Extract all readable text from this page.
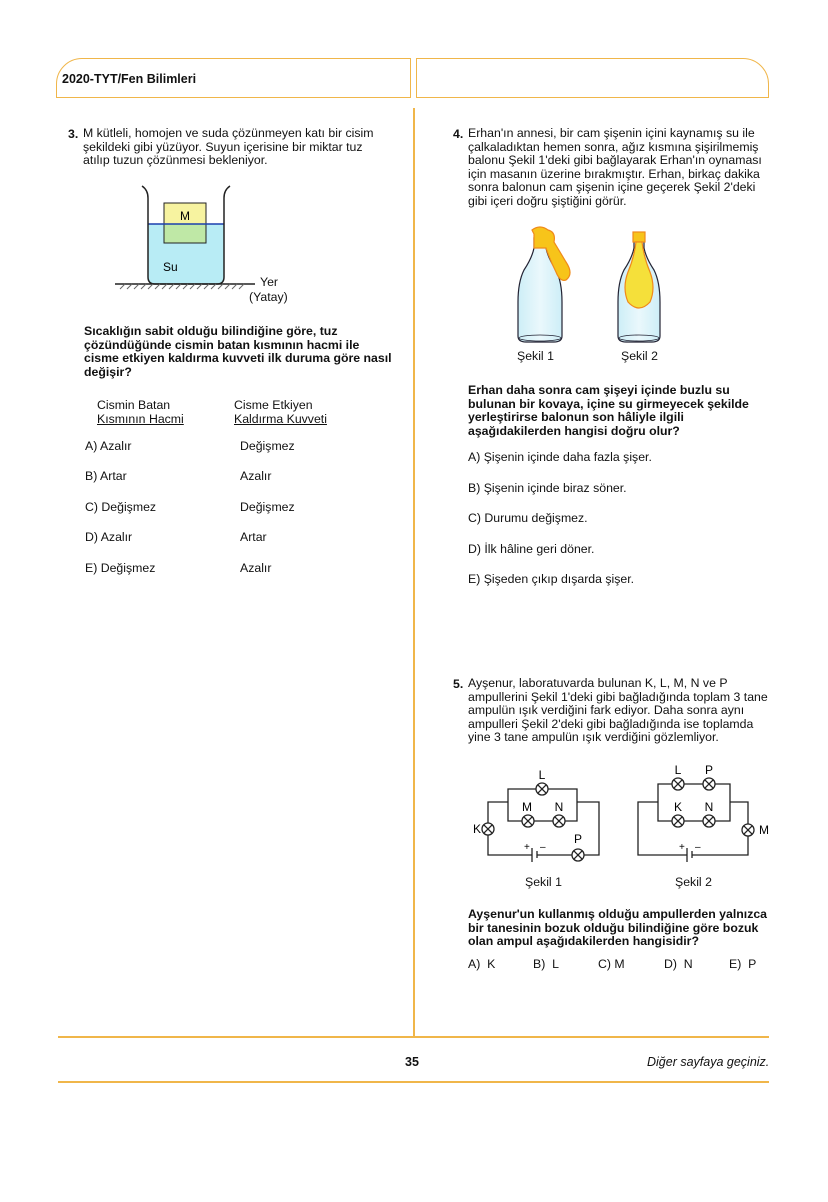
2020-TYT/Fen Bilimleri
3. M kütleli, homojen ve suda çözünmeyen katı bir cisim
şekildeki gibi yüzüyor. Suyun içerisine bir miktar tuz
atılıp tuzun çözünmesi bekleniyor.
M
Su
Yer
(Yatay)
Sıcaklığın sabit olduğu bilindiğine göre, tuz
çözündüğünde cismin batan kısmının hacmi ile
cisme etkiyen kaldırma kuvveti ilk duruma göre nasıl
değişir?
Cismin Batan
Kısmının Hacmi
Cisme Etkiyen
Kaldırma Kuvveti
A) Azalır	Değişmez
B) Artar	Azalır
C) Değişmez	Değişmez
D) Azalır	Artar
E) Değişmez	Azalır
4. Erhan'ın annesi, bir cam şişenin içini kaynamış su ile
çalkaladıktan hemen sonra, ağız kısmına şişirilmemiş
balonu Şekil 1'deki gibi bağlayarak Erhan'ın oynaması
için masanın üzerine bırakmıştır. Erhan, birkaç dakika
sonra balonun cam şişenin içine geçerek Şekil 2'deki
gibi içeri doğru şiştiğini görür.
Şekil 1	Şekil 2
Erhan daha sonra cam şişeyi içinde buzlu su
bulunan bir kovaya, içine su girmeyecek şekilde
yerleştirirse balonun son hâliyle ilgili
aşağıdakilerden hangisi doğru olur?
A) Şişenin içinde daha fazla şişer.
B) Şişenin içinde biraz söner.
C) Durumu değişmez.
D) İlk hâline geri döner.
E) Şişeden çıkıp dışarda şişer.
5. Ayşenur, laboratuvarda bulunan K, L, M, N ve P
ampullerini Şekil 1'deki gibi bağladığında toplam 3 tane
ampulün ışık verdiğini fark ediyor. Daha sonra aynı
ampulleri Şekil 2'deki gibi bağladığında ise toplamda
yine 3 tane ampulün ışık verdiğini gözlemliyor.
L
M N
K
P
+ –
Şekil 1
L P
K N
M
+ –
Şekil 2
Ayşenur'un kullanmış olduğu ampullerden yalnızca
bir tanesinin bozuk olduğu bilindiğine göre bozuk
olan ampul aşağıdakilerden hangisidir?
A)  K	B)  L	C) M	D)  N	E)  P
35	Diğer sayfaya geçiniz.
